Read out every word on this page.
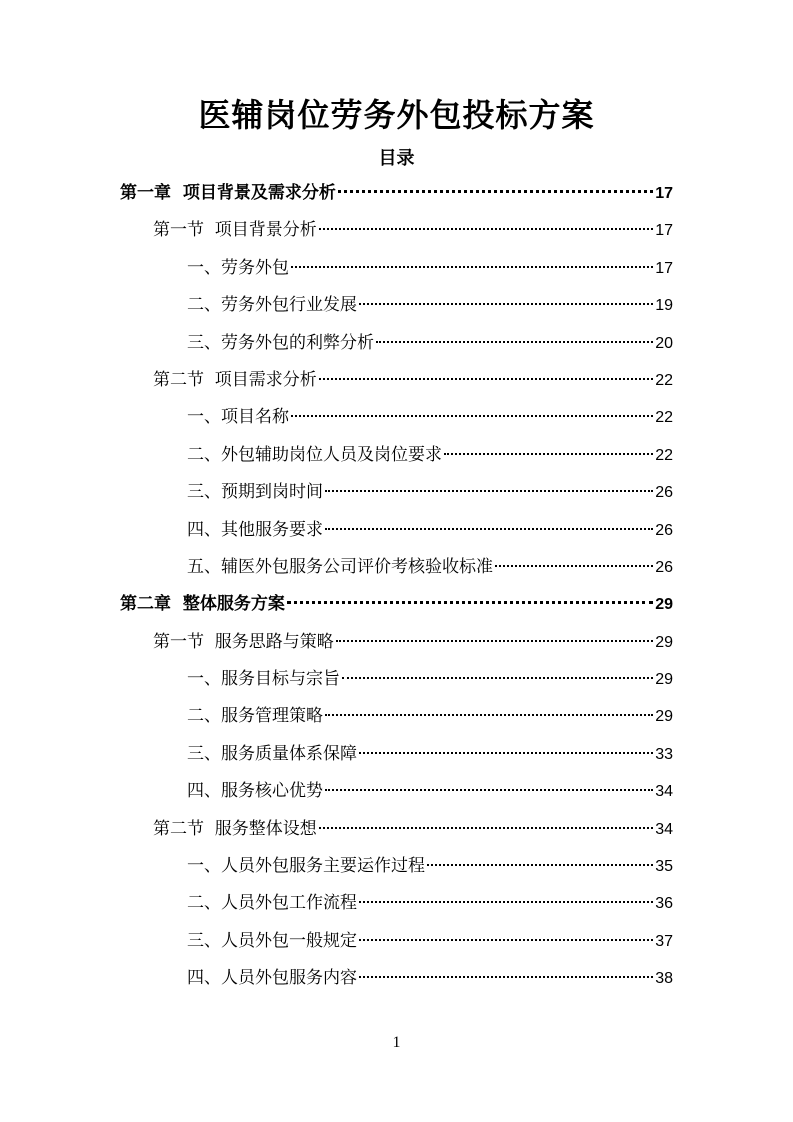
医辅岗位劳务外包投标方案
目录
第一章  项目背景及需求分析	17
第一节  项目背景分析	17
一、劳务外包	17
二、劳务外包行业发展	19
三、劳务外包的利弊分析	20
第二节  项目需求分析	22
一、项目名称	22
二、外包辅助岗位人员及岗位要求	22
三、预期到岗时间	26
四、其他服务要求	26
五、辅医外包服务公司评价考核验收标准	26
第二章  整体服务方案	29
第一节  服务思路与策略	29
一、服务目标与宗旨	29
二、服务管理策略	29
三、服务质量体系保障	33
四、服务核心优势	34
第二节  服务整体设想	34
一、人员外包服务主要运作过程	35
二、人员外包工作流程	36
三、人员外包一般规定	37
四、人员外包服务内容	38
1
